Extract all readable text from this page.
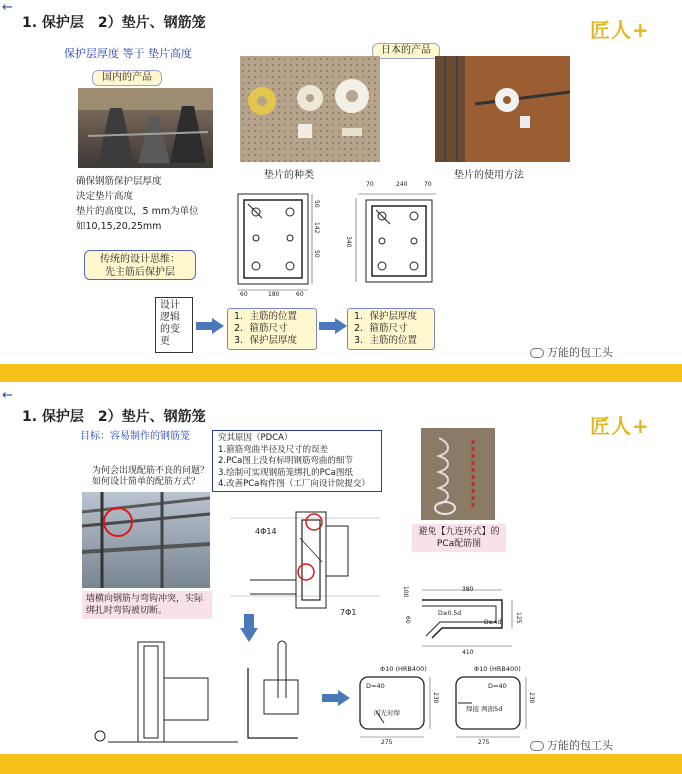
←
1. 保护层　2）垫片、钢筋笼	匠人+
保护层厚度 等于 垫片高度
国内的产品
确保钢筋保护层厚度
决定垫片高度
垫片的高度以，5 mm为单位
如10,15,20,25mm
传统的设计思维：
先主筋后保护层
日本的产品
垫片的种类	垫片的使用方法
50
142
50
60	180	60
70	240	70
340
设计
逻辑
的变
更
1．主筋的位置
2．箍筋尺寸
3．保护层厚度
1．保护层厚度
2．箍筋尺寸
3．主筋的位置
万能的包工头
←
1. 保护层　2）垫片、钢筋笼	匠人+
目标：容易制作的钢筋笼	究其原因（PDCA）
1.箍筋弯曲半径及尺寸的误差
2.PCa图上没有标明钢筋弯曲的细节
3.绘制可实现钢筋笼绑扎的PCa图纸
4.改善PCa构件图（工厂向设计院提交）
为何会出现配筋不良的问题？
如何设计简单的配筋方式？
墙横向钢筋与弯钩冲突，实际
绑扎时弯钩被切断。
4Φ14
7Φ1
避免【九连环式】的
PCa配筋图
380
D≥0.5d
D≥4d
410
100
60	125
Φ10 (HRB400)
D=40
闪光对焊
275
230
Φ10 (HRB400)
D=40
焊接 两面5d
275
230
万能的包工头
